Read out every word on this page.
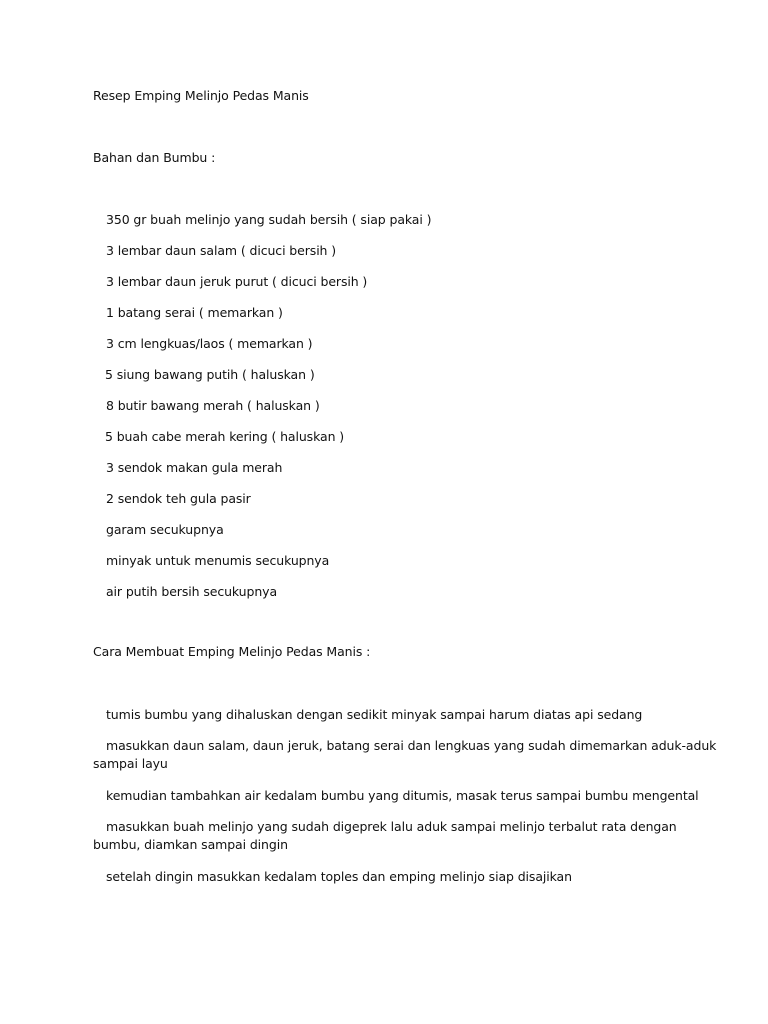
Resep Emping Melinjo Pedas Manis
Bahan dan Bumbu :
350 gr buah melinjo yang sudah bersih ( siap pakai )
3 lembar daun salam ( dicuci bersih )
3 lembar daun jeruk purut ( dicuci bersih )
1 batang serai ( memarkan )
3 cm lengkuas/laos ( memarkan )
5 siung bawang putih ( haluskan )
8 butir bawang merah ( haluskan )
5 buah cabe merah kering ( haluskan )
3 sendok makan gula merah
2 sendok teh gula pasir
garam secukupnya
minyak untuk menumis secukupnya
air putih bersih secukupnya
Cara Membuat Emping Melinjo Pedas Manis :
tumis bumbu yang dihaluskan dengan sedikit minyak sampai harum diatas api sedang
masukkan daun salam, daun jeruk, batang serai dan lengkuas yang sudah dimemarkan aduk-aduk
sampai layu
kemudian tambahkan air kedalam bumbu yang ditumis, masak terus sampai bumbu mengental
masukkan buah melinjo yang sudah digeprek lalu aduk sampai melinjo terbalut rata dengan
bumbu, diamkan sampai dingin
setelah dingin masukkan kedalam toples dan emping melinjo siap disajikan
